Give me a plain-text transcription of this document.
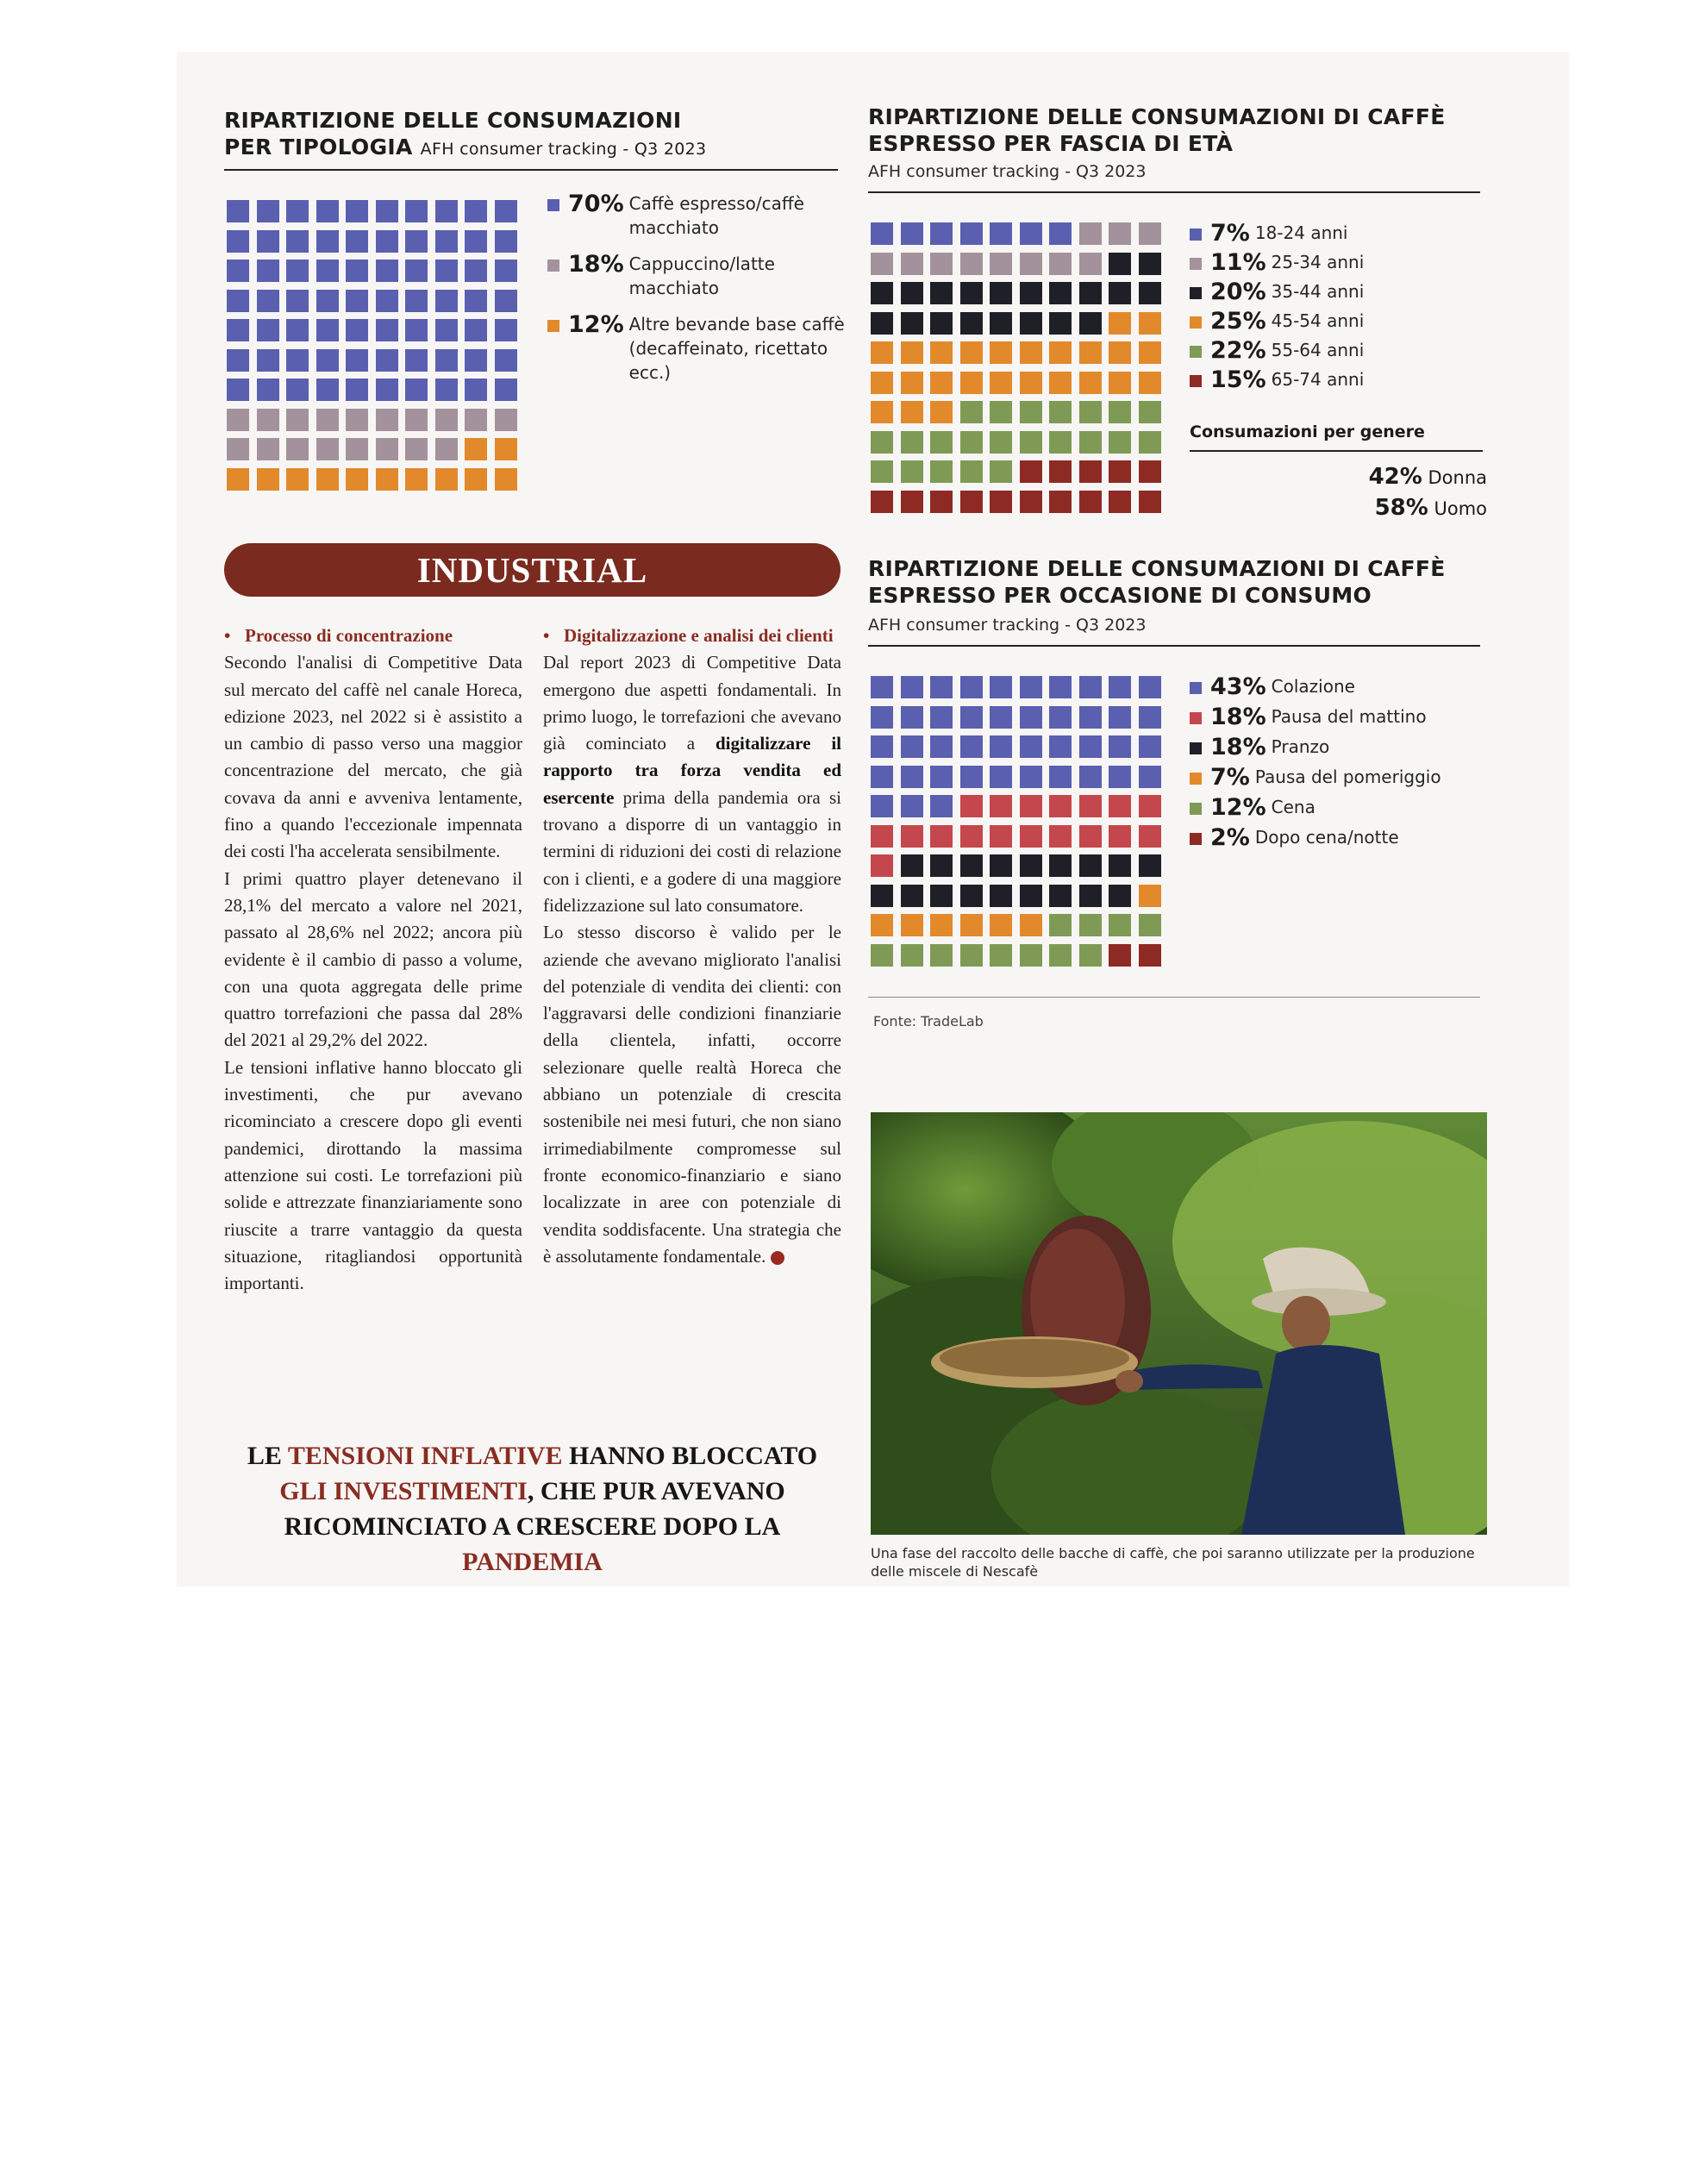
RIPARTIZIONE DELLE CONSUMAZIONI
PER TIPOLOGIA AFH consumer tracking - Q3 2023
70% Caffè espresso/caffè macchiato
18% Cappuccino/latte macchiato
12% Altre bevande base caffè (decaffeinato, ricettato ecc.)
RIPARTIZIONE DELLE CONSUMAZIONI DI CAFFÈ
ESPRESSO PER FASCIA DI ETÀ
AFH consumer tracking - Q3 2023
7% 18-24 anni
11% 25-34 anni
20% 35-44 anni
25% 45-54 anni
22% 55-64 anni
15% 65-74 anni
Consumazioni per genere
42% Donna
58% Uomo
RIPARTIZIONE DELLE CONSUMAZIONI DI CAFFÈ
ESPRESSO PER OCCASIONE DI CONSUMO
AFH consumer tracking - Q3 2023
43% Colazione
18% Pausa del mattino
18% Pranzo
7% Pausa del pomeriggio
12% Cena
2% Dopo cena/notte
Fonte: TradeLab
INDUSTRIAL

• Processo di concentrazione

Secondo l'analisi di Competitive Data sul mercato del caffè nel canale Horeca, edizione 2023, nel 2022 si è assistito a un cambio di passo verso una maggior concentrazione del mercato, che già covava da anni e avveniva lentamente, fino a quando l'eccezionale impennata dei costi l'ha accelerata sensibilmente.

I primi quattro player detenevano il 28,1% del mercato a valore nel 2021, passato al 28,6% nel 2022; ancora più evidente è il cambio di passo a volume, con una quota aggregata delle prime quattro torrefazioni che passa dal 28% del 2021 al 29,2% del 2022.

Le tensioni inflative hanno bloccato gli investimenti, che pur avevano ricominciato a crescere dopo gli eventi pandemici, dirottando la massima attenzione sui costi. Le torrefazioni più solide e attrezzate finanziariamente sono riuscite a trarre vantaggio da questa situazione, ritagliandosi opportunità importanti.

• Digitalizzazione e analisi dei clienti

Dal report 2023 di Competitive Data emergono due aspetti fondamentali. In primo luogo, le torrefazioni che avevano già cominciato a digitalizzare il rapporto tra forza vendita ed esercente prima della pandemia ora si trovano a disporre di un vantaggio in termini di riduzioni dei costi di relazione con i clienti, e a godere di una maggiore fidelizzazione sul lato consumatore.

Lo stesso discorso è valido per le aziende che avevano migliorato l'analisi del potenziale di vendita dei clienti: con l'aggravarsi delle condizioni finanziarie della clientela, infatti, occorre selezionare quelle realtà Horeca che abbiano un potenziale di crescita sostenibile nei mesi futuri, che non siano irrimediabilmente compromesse sul fronte economico-finanziario e siano localizzate in aree con potenziale di vendita soddisfacente. Una strategia che è assolutamente fondamentale.

LE TENSIONI INFLATIVE HANNO BLOCCATO
GLI INVESTIMENTI, CHE PUR AVEVANO
RICOMINCIATO A CRESCERE DOPO LA PANDEMIA	Una fase del raccolto delle bacche di caffè, che poi saranno utilizzate per la produzione delle miscele di Nescafè
